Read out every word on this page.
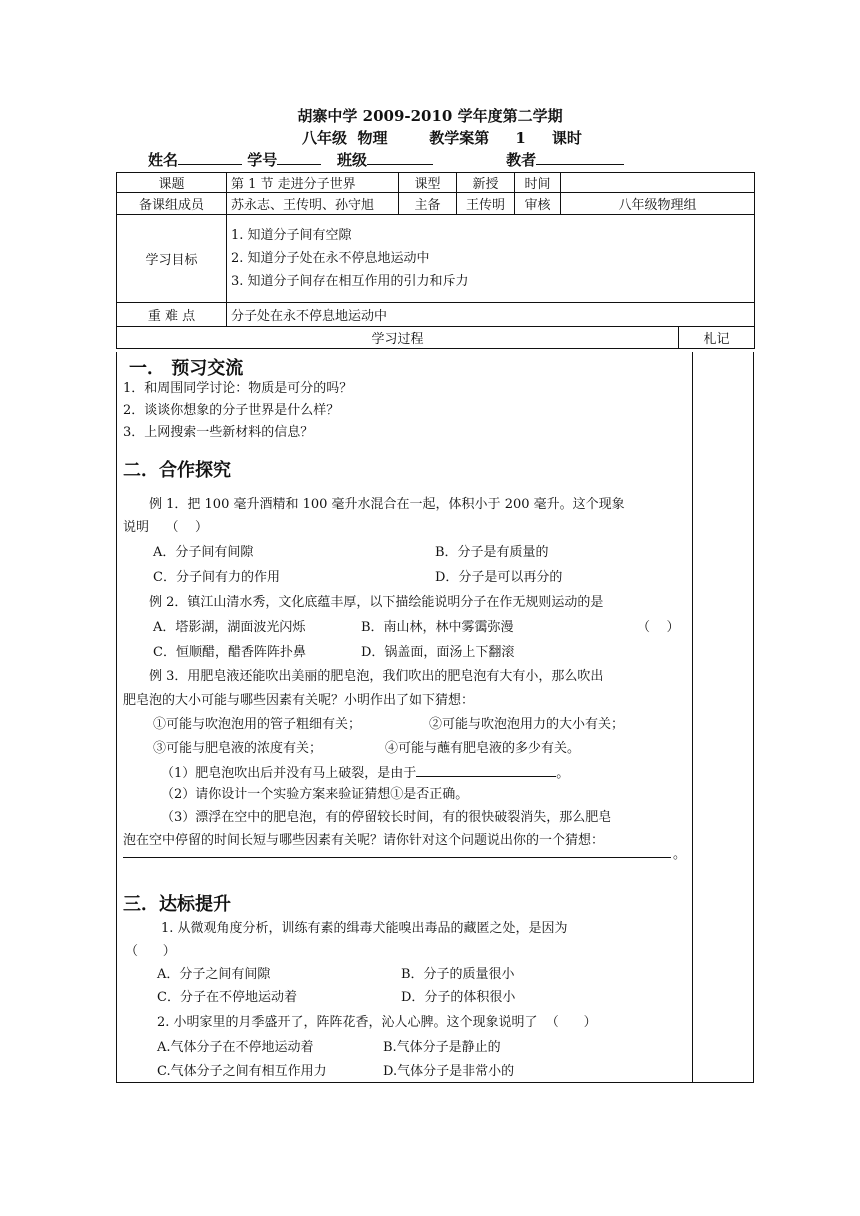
胡寨中学 2009-2010 学年度第二学期
八年级  物理        教学案第     1     课时
姓名	学号	班级	教者
课题	第 1 节 走进分子世界	课型	新授	时间		
备课组成员	苏永志、王传明、孙守旭	主备	王传明	审核	八年级物理组	
学习目标	1. 知道分子间有空隙
2. 知道分子处在永不停息地运动中
3. 知道分子间存在相互作用的引力和斥力					

重 难 点	分子处在永不停息地运动中					
学习过程						札记
一． 预习交流
1．和周围同学讨论：物质是可分的吗？
2．谈谈你想象的分子世界是什么样？
3．上网搜索一些新材料的信息？
二．合作探究
例 1．把 100 毫升酒精和 100 毫升水混合在一起，体积小于 200 毫升。这个现象
说明    （    ）
A．分子间有间隙	B．分子是有质量的
C．分子间有力的作用	D．分子是可以再分的
例 2．镇江山清水秀，文化底蕴丰厚，以下描绘能说明分子在作无规则运动的是
A．塔影湖，湖面波光闪烁	B．南山林，林中雾霭弥漫	（    ）
C．恒顺醋，醋香阵阵扑鼻	D．锅盖面，面汤上下翻滚
例 3．用肥皂液还能吹出美丽的肥皂泡，我们吹出的肥皂泡有大有小，那么吹出
肥皂泡的大小可能与哪些因素有关呢？小明作出了如下猜想：
①可能与吹泡泡用的管子粗细有关；	②可能与吹泡泡用力的大小有关；
③可能与肥皂液的浓度有关；	④可能与蘸有肥皂液的多少有关。
（1）肥皂泡吹出后并没有马上破裂，是由于	。
（2）请你设计一个实验方案来验证猜想①是否正确。
（3）漂浮在空中的肥皂泡，有的停留较长时间，有的很快破裂消失，那么肥皂
泡在空中停留的时间长短与哪些因素有关呢？请你针对这个问题说出你的一个猜想：
。
三．达标提升
1. 从微观角度分析，训练有素的缉毒犬能嗅出毒品的藏匿之处，是因为
（      ）
A．分子之间有间隙	B．分子的质量很小
C．分子在不停地运动着	D．分子的体积很小
2. 小明家里的月季盛开了，阵阵花香，沁人心脾。这个现象说明了  （      ）
A.气体分子在不停地运动着	B.气体分子是静止的
C.气体分子之间有相互作用力	D.气体分子是非常小的
